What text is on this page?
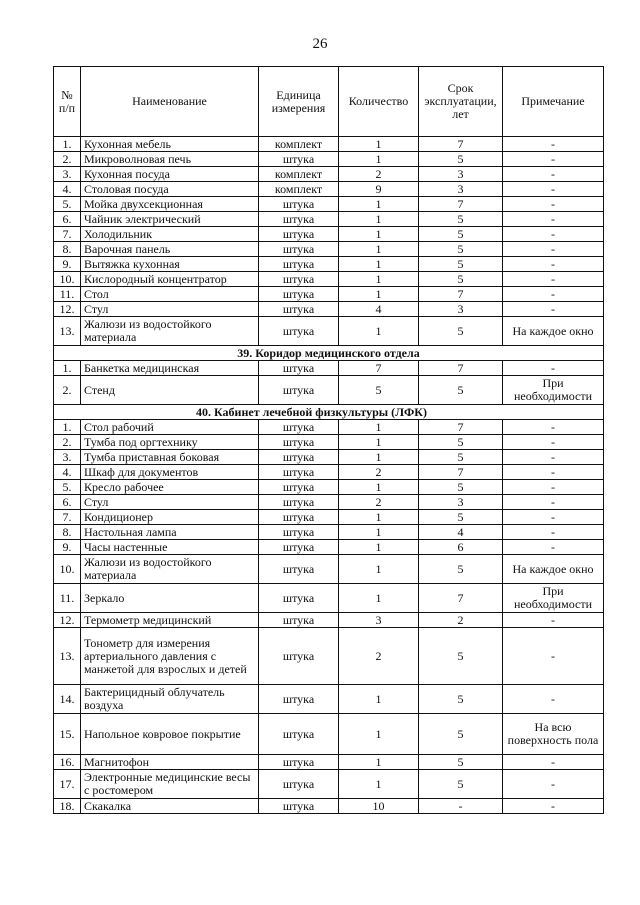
26
№ п/п	Наименование	Единица измерения	Количество	Срок эксплуатации, лет	Примечание
1.	Кухонная мебель	комплект	1	7	-
2.	Микроволновая печь	штука	1	5	-
3.	Кухонная посуда	комплект	2	3	-
4.	Столовая посуда	комплект	9	3	-
5.	Мойка двухсекционная	штука	1	7	-
6.	Чайник электрический	штука	1	5	-
7.	Холодильник	штука	1	5	-
8.	Варочная панель	штука	1	5	-
9.	Вытяжка кухонная	штука	1	5	-
10.	Кислородный концентратор	штука	1	5	-
11.	Стол	штука	1	7	-
12.	Стул	штука	4	3	-
13.	Жалюзи из водостойкого материала	штука	1	5	На каждое окно
39. Коридор медицинского отдела					
1.	Банкетка медицинская	штука	7	7	-
2.	Стенд	штука	5	5	При необходимости
40. Кабинет лечебной физкультуры (ЛФК)					
1.	Стол рабочий	штука	1	7	-
2.	Тумба под оргтехнику	штука	1	5	-
3.	Тумба приставная боковая	штука	1	5	-
4.	Шкаф для документов	штука	2	7	-
5.	Кресло рабочее	штука	1	5	-
6.	Стул	штука	2	3	-
7.	Кондиционер	штука	1	5	-
8.	Настольная лампа	штука	1	4	-
9.	Часы настенные	штука	1	6	-
10.	Жалюзи из водостойкого материала	штука	1	5	На каждое окно
11.	Зеркало	штука	1	7	При необходимости
12.	Термометр медицинский	штука	3	2	-
13.	Тонометр для измерения артериального давления с манжетой для взрослых и детей	штука	2	5	-
14.	Бактерицидный облучатель воздуха	штука	1	5	-
15.	Напольное ковровое покрытие	штука	1	5	На всю поверхность пола
16.	Магнитофон	штука	1	5	-
17.	Электронные медицинские весы с ростомером	штука	1	5	-
18.	Скакалка	штука	10	-	-
